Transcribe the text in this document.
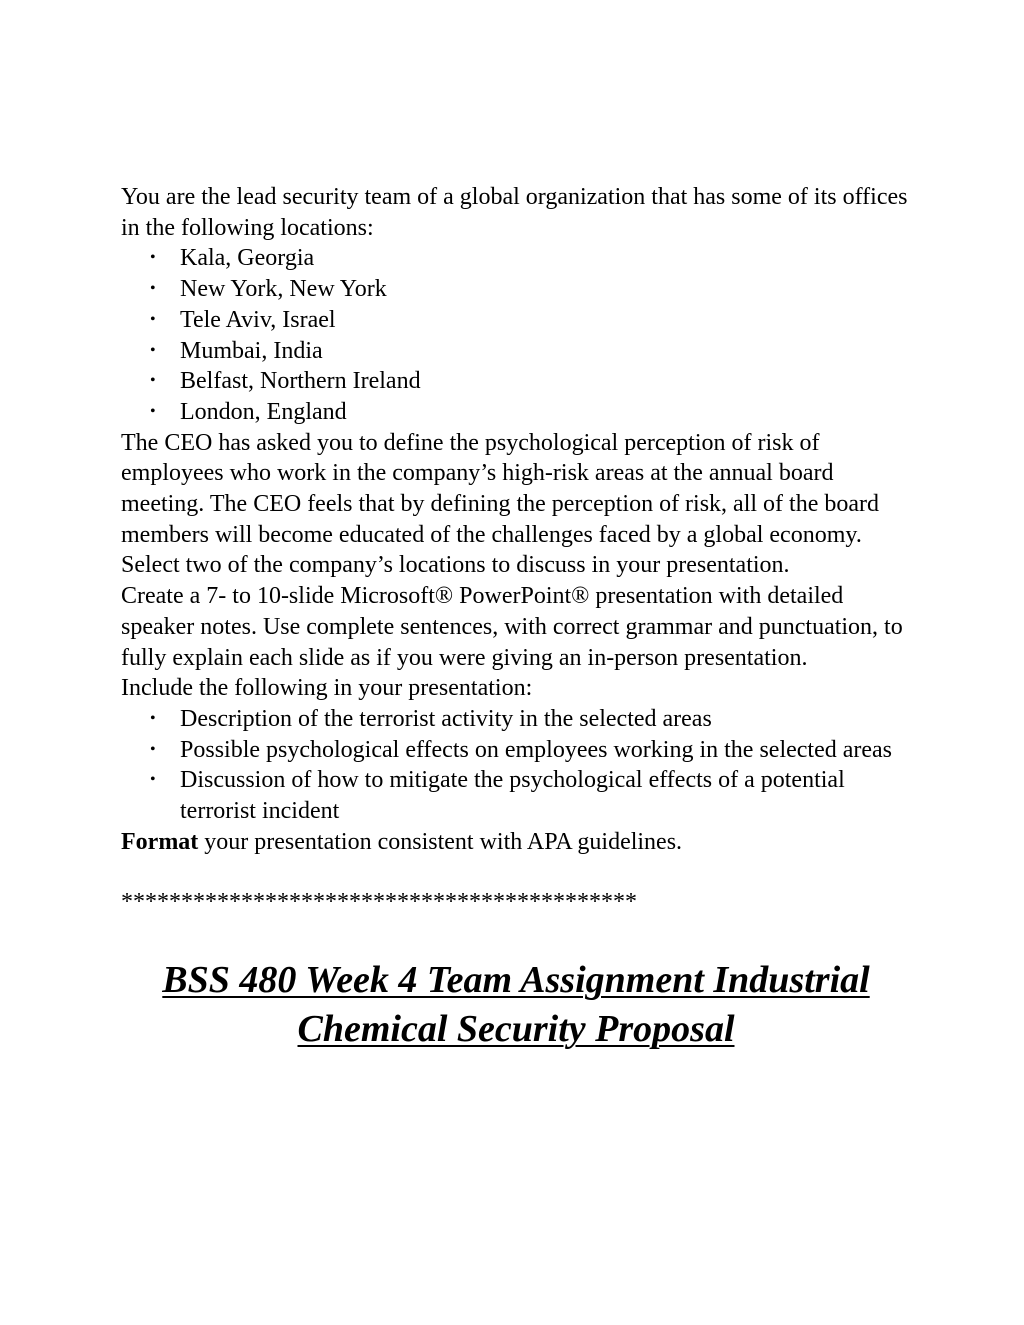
You are the lead security team of a global organization that has some of its offices in the following locations:

• Kala, Georgia
• New York, New York
• Tele Aviv, Israel
• Mumbai, India
• Belfast, Northern Ireland
• London, England

The CEO has asked you to define the psychological perception of risk of employees who work in the company’s high-risk areas at the annual board meeting. The CEO feels that by defining the perception of risk, all of the board members will become educated of the challenges faced by a global economy.

Select two of the company’s locations to discuss in your presentation.

Create a 7- to 10-slide Microsoft® PowerPoint® presentation with detailed speaker notes. Use complete sentences, with correct grammar and punctuation, to fully explain each slide as if you were giving an in-person presentation.

Include the following in your presentation:

• Description of the terrorist activity in the selected areas
• Possible psychological effects on employees working in the selected areas
• Discussion of how to mitigate the psychological effects of a potential terrorist incident

Format your presentation consistent with APA guidelines.

*******************************************

BSS 480 Week 4 Team Assignment Industrial
Chemical Security Proposal
